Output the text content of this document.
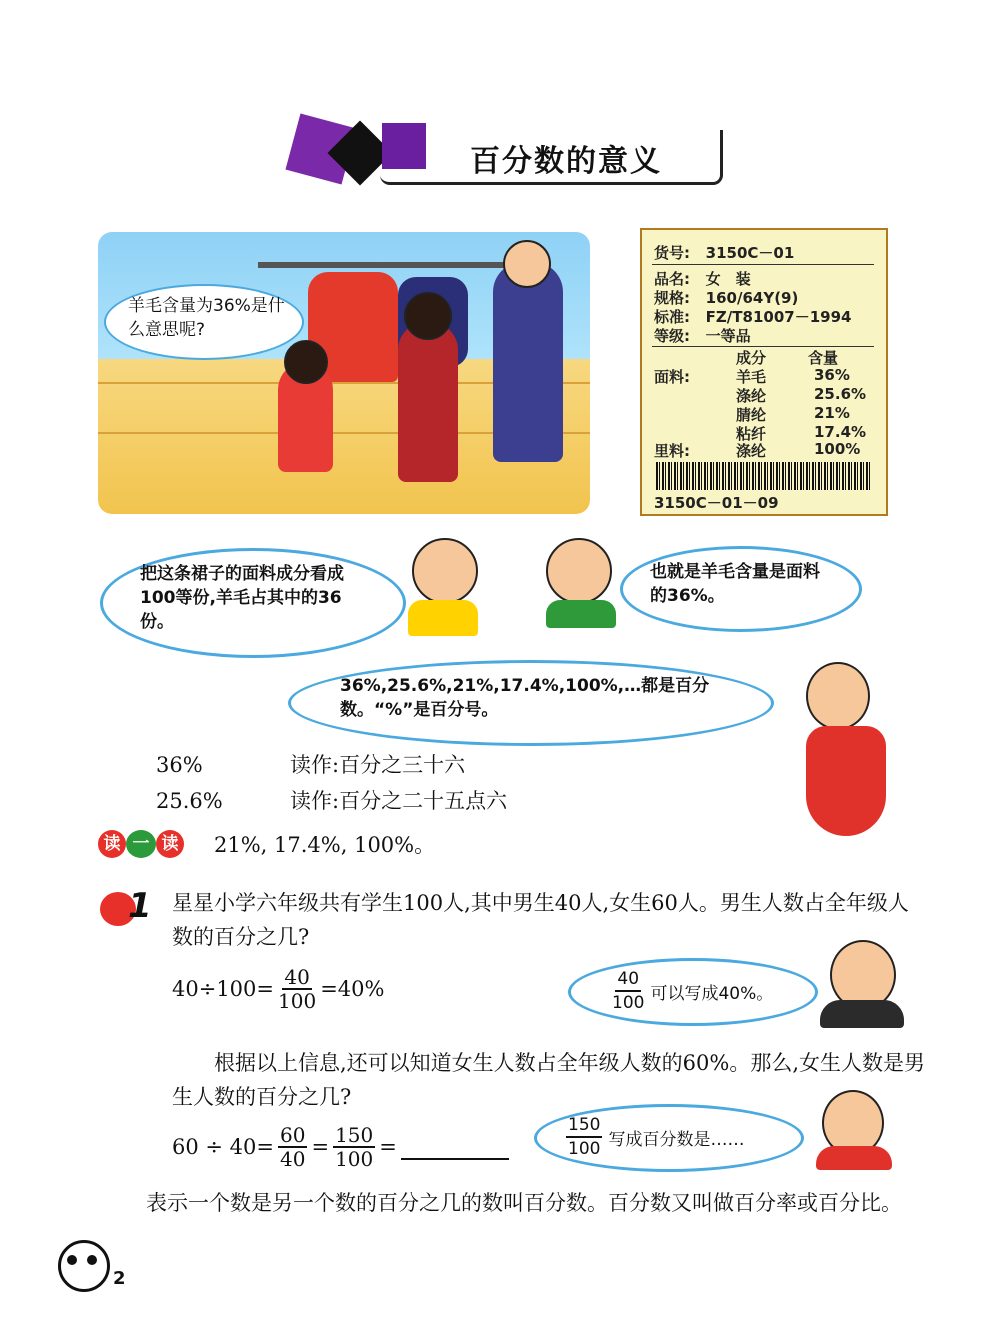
百分数的意义
羊毛含量为36%是什么意思呢?
货号: 3150C－01
品名: 女　装
规格: 160/64Y(9)
标准: FZ/T81007－1994
等级: 一等品
成分	含量
面料:	羊毛	36%
涤纶	25.6%
腈纶	21%
粘纤	17.4%
里料:	涤纶	100%
3150C－01－09
把这条裙子的面料成分看成100等份,羊毛占其中的36份。
也就是羊毛含量是面料的36%。
36%,25.6%,21%,17.4%,100%,…都是百分数。“%”是百分号。
36%	读作:百分之三十六
25.6%	读作:百分之二十五点六
读 一 读	21%, 17.4%, 100%。
1 星星小学六年级共有学生100人,其中男生40人,女生60人。男生人数占全年级人数的百分之几?
$40\div 100= \frac{40}{100} =40\%$	$\frac{40}{100}$ 可以写成40%。
根据以上信息,还可以知道女生人数占全年级人数的60%。那么,女生人数是男生人数的百分之几?
$60 \div 40= \frac{60}{40} = \frac{150}{100}$ =	$\frac{150}{100}$ 写成百分数是……
表示一个数是另一个数的百分之几的数叫百分数。百分数又叫做百分率或百分比。
2
